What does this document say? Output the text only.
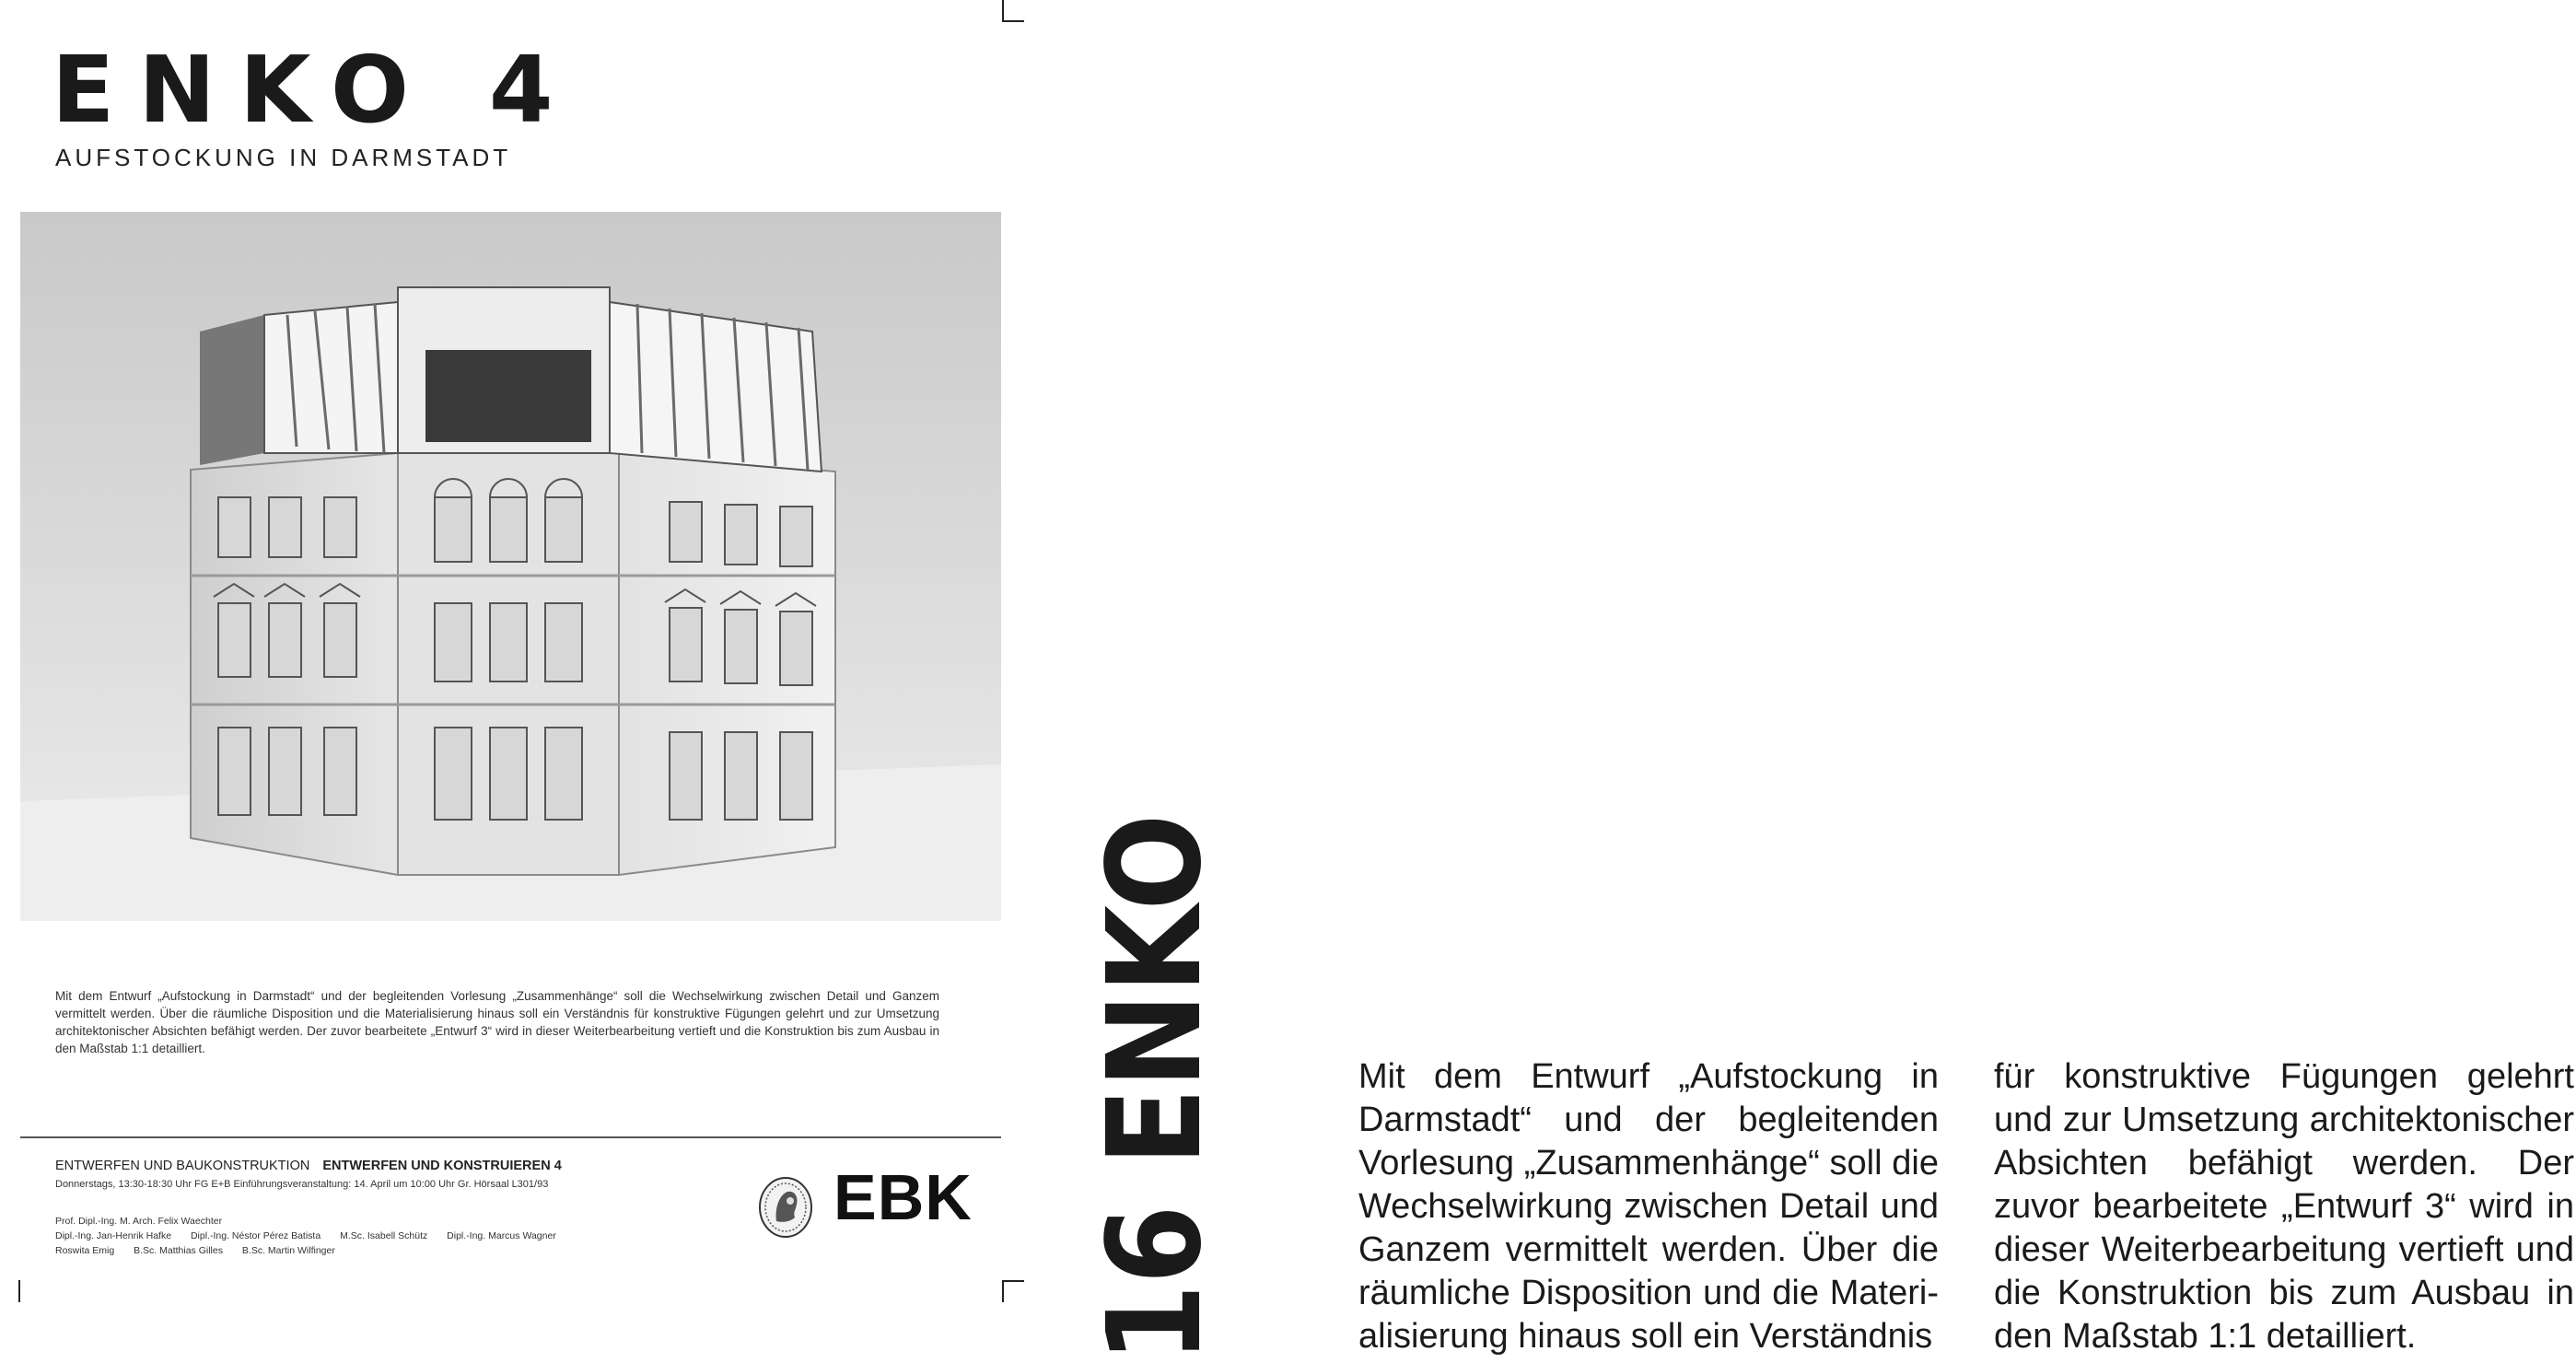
ENKO 4
AUFSTOCKUNG IN DARMSTADT

Mit dem Entwurf „Aufstockung in Darmstadt“ und der begleitenden Vorlesung „Zusammenhänge“ soll die Wechselwirkung zwischen Detail und Ganzem vermittelt werden. Über die räumliche Disposition und die Materialisierung hinaus soll ein Verständnis für konstruktive Fügungen gelehrt und zur Umsetzung architektonischer Absichten befähigt werden. Der zuvor bearbeitete „Entwurf 3“ wird in dieser Weiterbearbeitung vertieft und die Konstruktion bis zum Ausbau in den Maßstab 1:1 detailliert.

ENTWERFEN UND BAUKONSTRUKTION ENTWERFEN UND KONSTRUIEREN 4
Donnerstags, 13:30-18:30 Uhr FG E+B Einführungsveranstaltung: 14. April um 10:00 Uhr Gr. Hörsaal L301/93
Prof. Dipl.-Ing. M. Arch. Felix Waechter
Dipl.-Ing. Jan-Henrik Hafke Dipl.-Ing. Néstor Pérez Batista M.Sc. Isabell Schütz Dipl.-Ing. Marcus Wagner
Roswita Emig B.Sc. Matthias Gilles B.Sc. Martin Wilfinger
EBK 16 ENKO	Mit dem Entwurf „Aufstockung in Darmstadt“ und der begleitenden Vorlesung „Zusammenhänge“ soll die Wechselwirkung zwischen Detail und Ganzem vermittelt werden. Über die räumliche Disposition und die Materialisierung hinaus soll ein Verständnis

für konstruktive Fügungen gelehrt und zur Umsetzung architektonischer Absichten befähigt werden. Der zuvor bearbeitete „Entwurf 3“ wird in dieser Weiterbearbeitung vertieft und die Konstruktion bis zum Ausbau in den Maßstab 1:1 detailliert.
